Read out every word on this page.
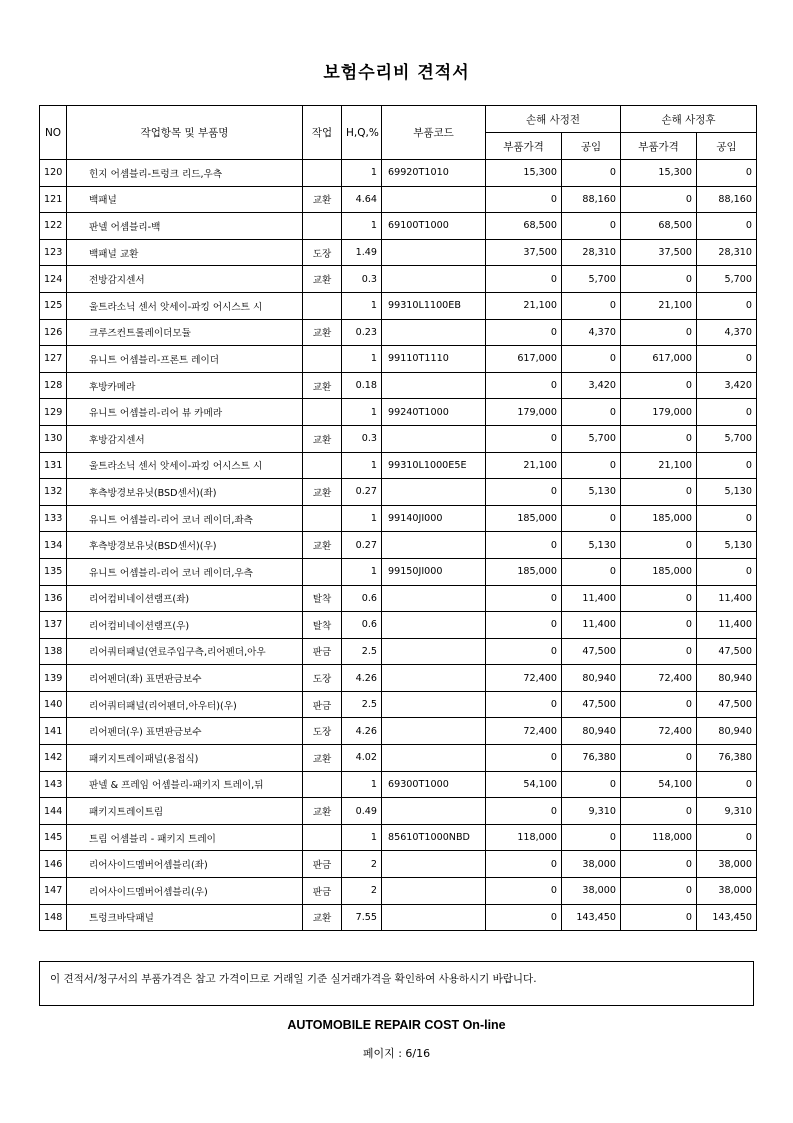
보험수리비 견적서
NO	작업항목 및 부품명	작업	H,Q,%	부품코드	손해 사정전		손해 사정후	
					부품가격	공임	부품가격	공임
120	힌지 어셈블리-트렁크 리드,우측		1	69920T1010	15,300	0	15,300	0
121	백패널	교환	4.64		0	88,160	0	88,160
122	판넬 어셈블리-백		1	69100T1000	68,500	0	68,500	0
123	백패널 교환	도장	1.49		37,500	28,310	37,500	28,310
124	전방감지센서	교환	0.3		0	5,700	0	5,700
125	울트라소닉 센서 앗세이-파킹 어시스트 시		1	99310L1100EB	21,100	0	21,100	0
126	크루즈컨트롤레이더모듈	교환	0.23		0	4,370	0	4,370
127	유니트 어셈블리-프론트 레이더		1	99110T1110	617,000	0	617,000	0
128	후방카메라	교환	0.18		0	3,420	0	3,420
129	유니트 어셈블리-리어 뷰 카메라		1	99240T1000	179,000	0	179,000	0
130	후방감지센서	교환	0.3		0	5,700	0	5,700
131	울트라소닉 센서 앗세이-파킹 어시스트 시		1	99310L1000E5E	21,100	0	21,100	0
132	후측방경보유닛(BSD센서)(좌)	교환	0.27		0	5,130	0	5,130
133	유니트 어셈블리-리어 코너 레이더,좌측		1	99140JI000	185,000	0	185,000	0
134	후측방경보유닛(BSD센서)(우)	교환	0.27		0	5,130	0	5,130
135	유니트 어셈블리-리어 코너 레이더,우측		1	99150JI000	185,000	0	185,000	0
136	리어컴비네이션램프(좌)	탈착	0.6		0	11,400	0	11,400
137	리어컴비네이션램프(우)	탈착	0.6		0	11,400	0	11,400
138	리어쿼터패널(연료주입구측,리어펜더,아우	판금	2.5		0	47,500	0	47,500
139	리어펜더(좌) 표면판금보수	도장	4.26		72,400	80,940	72,400	80,940
140	리어쿼터패널(리어펜더,아우터)(우)	판금	2.5		0	47,500	0	47,500
141	리어펜더(우) 표면판금보수	도장	4.26		72,400	80,940	72,400	80,940
142	패키지트레이패널(용접식)	교환	4.02		0	76,380	0	76,380
143	판넬 & 프레임 어셈블리-패키지 트레이,뒤		1	69300T1000	54,100	0	54,100	0
144	패키지트레이트림	교환	0.49		0	9,310	0	9,310
145	트림 어셈블리 - 패키지 트레이		1	85610T1000NBD	118,000	0	118,000	0
146	리어사이드멤버어셈블리(좌)	판금	2		0	38,000	0	38,000
147	리어사이드멤버어셈블리(우)	판금	2		0	38,000	0	38,000
148	트렁크바닥패널	교환	7.55		0	143,450	0	143,450
이 견적서/청구서의 부품가격은 참고 가격이므로 거래일 기준 실거래가격을 확인하여 사용하시기 바랍니다.
AUTOMOBILE REPAIR COST On-line
페이지 : 6/16
